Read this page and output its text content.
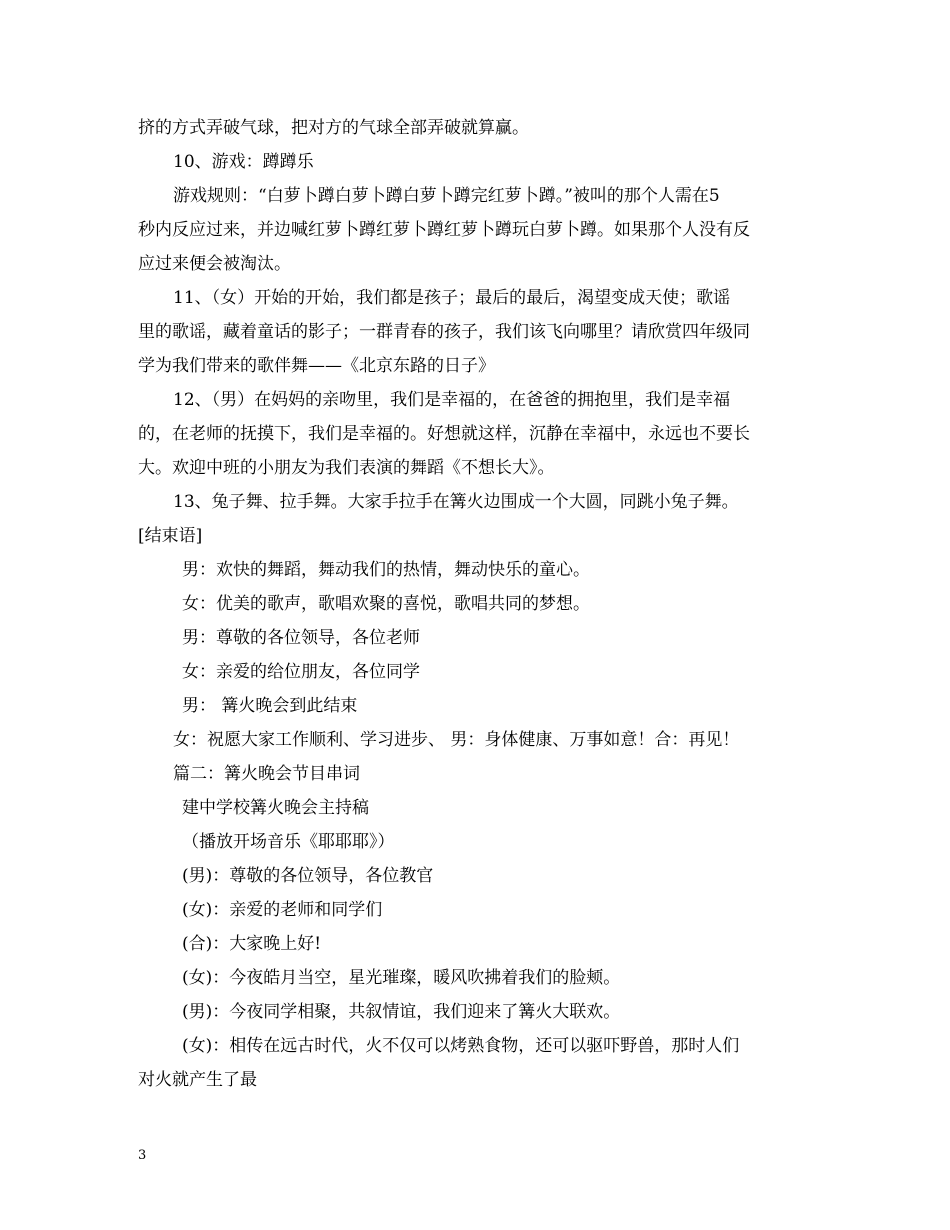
挤的方式弄破气球，把对方的气球全部弄破就算赢。
10、游戏：蹲蹲乐
游戏规则：“白萝卜蹲白萝卜蹲白萝卜蹲完红萝卜蹲。”被叫的那个人需在5
秒内反应过来，并边喊红萝卜蹲红萝卜蹲红萝卜蹲玩白萝卜蹲。如果那个人没有反
应过来便会被淘汰。
11、（女）开始的开始，我们都是孩子；最后的最后，渴望变成天使；歌谣
里的歌谣，藏着童话的影子；一群青春的孩子，我们该飞向哪里？请欣赏四年级同
学为我们带来的歌伴舞——《北京东路的日子》
12、（男）在妈妈的亲吻里，我们是幸福的，在爸爸的拥抱里，我们是幸福
的，在老师的抚摸下，我们是幸福的。好想就这样，沉静在幸福中，永远也不要长
大。欢迎中班的小朋友为我们表演的舞蹈《不想长大》。
13、兔子舞、拉手舞。大家手拉手在篝火边围成一个大圆，同跳小兔子舞。
[结束语]
男：欢快的舞蹈，舞动我们的热情，舞动快乐的童心。
女：优美的歌声，歌唱欢聚的喜悦，歌唱共同的梦想。
男：尊敬的各位领导，各位老师
女：亲爱的给位朋友，各位同学
男： 篝火晚会到此结束
女：祝愿大家工作顺利、学习进步、 男：身体健康、万事如意！合：再见！
篇二：篝火晚会节目串词
建中学校篝火晚会主持稿
（播放开场音乐《耶耶耶》）
(男)：尊敬的各位领导，各位教官
(女)：亲爱的老师和同学们
(合)：大家晚上好!
(女)：今夜皓月当空，星光璀璨，暖风吹拂着我们的脸颊。
(男)：今夜同学相聚，共叙情谊，我们迎来了篝火大联欢。
(女)：相传在远古时代，火不仅可以烤熟食物，还可以驱吓野兽，那时人们
对火就产生了最
3
